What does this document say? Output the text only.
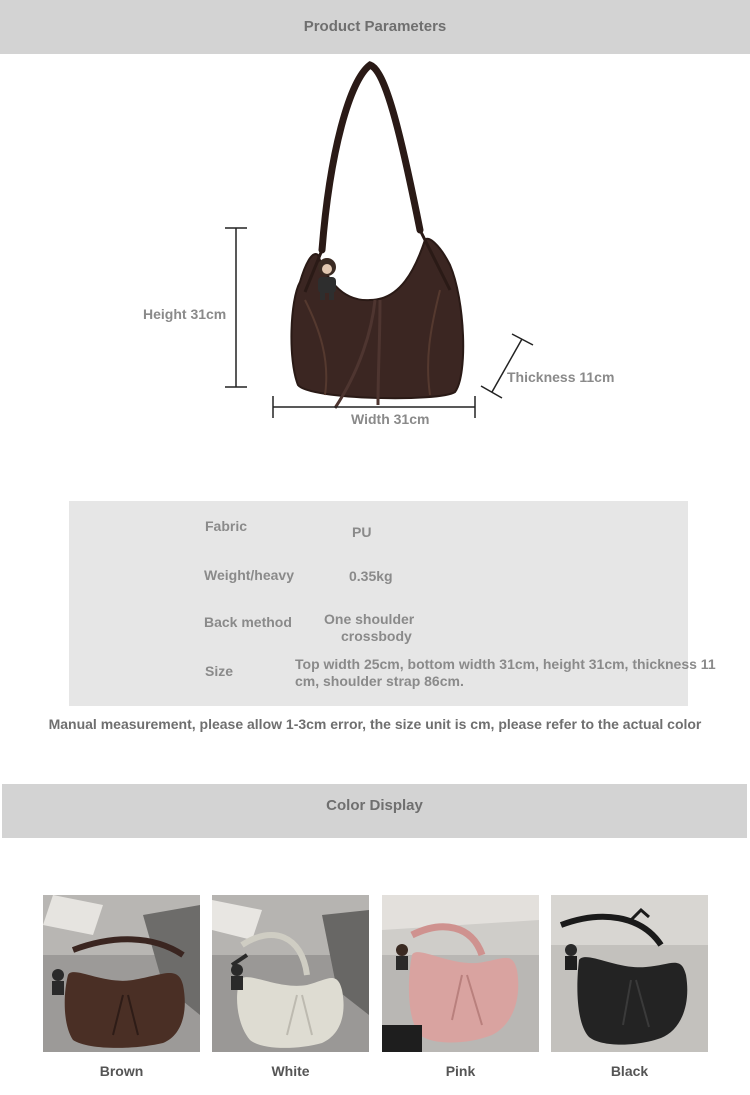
Product Parameters
Height 31cm
Width 31cm
Thickness 11cm
Fabric	PU
Weight/heavy	0.35kg
Back method One shoulder
crossbody
Size	Top width 25cm, bottom width 31cm, height 31cm, thickness 11 cm, shoulder strap 86cm.
Manual measurement, please allow 1-3cm error, the size unit is cm, please refer to the actual color
Color Display
Brown	White	Pink	Black
